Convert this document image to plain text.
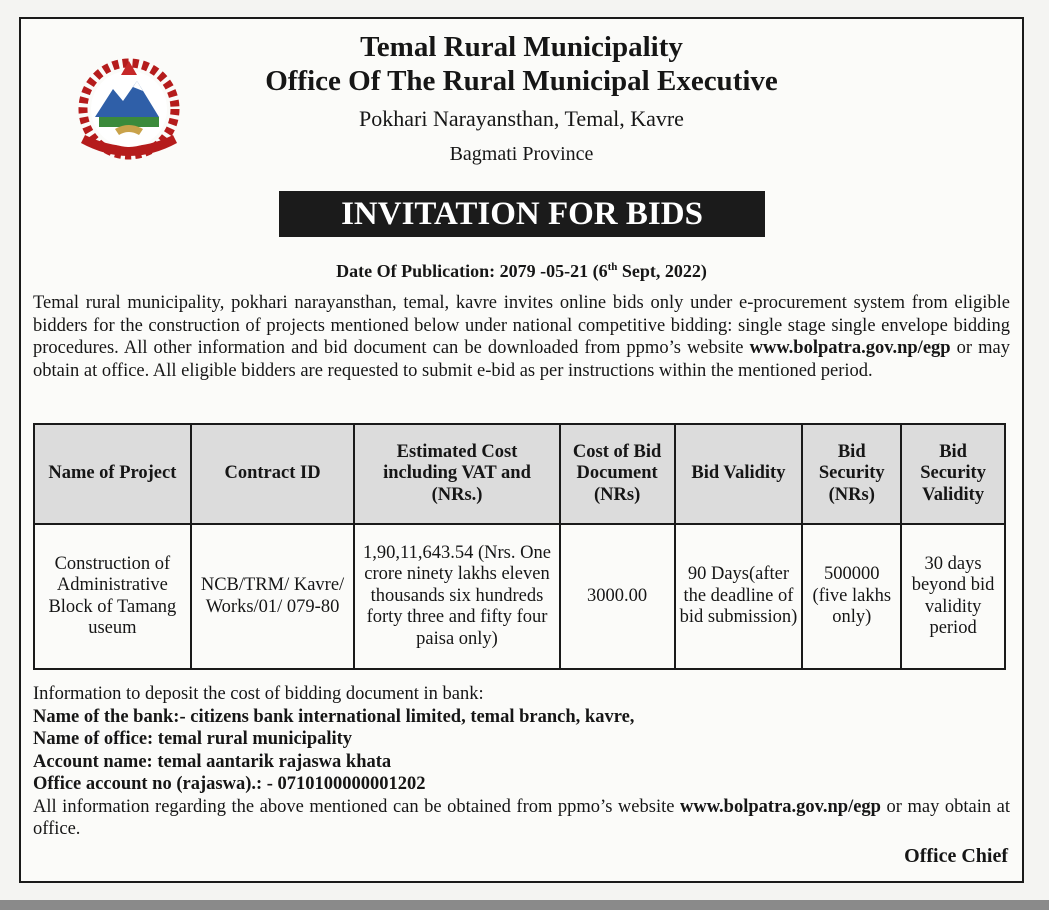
Temal Rural Municipality
Office Of The Rural Municipal Executive
Pokhari Narayansthan, Temal, Kavre
Bagmati Province
INVITATION FOR BIDS
Date Of Publication: 2079 -05-21 (6th Sept, 2022)
Temal rural municipality, pokhari narayansthan, temal, kavre invites online bids only under e-procurement system from eligible bidders for the construction of projects mentioned below under national competitive bidding: single stage single envelope bidding procedures. All other information and bid document can be downloaded from ppmo’s website www.bolpatra.gov.np/egp or may obtain at office. All eligible bidders are requested to submit e-bid as per instructions within the mentioned period.
Name of Project	Contract ID	Estimated Cost including VAT and (NRs.)	Cost of Bid Document (NRs)	Bid Validity	Bid Security (NRs)	Bid Security Validity
Construction of Administrative Block of Tamang useum	NCB/TRM/ Kavre/ Works/01/ 079-80	1,90,11,643.54 (Nrs. One crore ninety lakhs eleven thousands six hundreds forty three and fifty four paisa only)	3000.00	90 Days(after the deadline of bid submission)	500000 (five lakhs only)	30 days beyond bid validity period
Information to deposit the cost of bidding document in bank:
Name of the bank:- citizens bank international limited, temal branch, kavre,
Name of office: temal rural municipality
Account name: temal aantarik rajaswa khata
Office account no (rajaswa).: - 0710100000001202
All information regarding the above mentioned can be obtained from ppmo’s website www.bolpatra.gov.np/egp or may obtain at office.
Office Chief
